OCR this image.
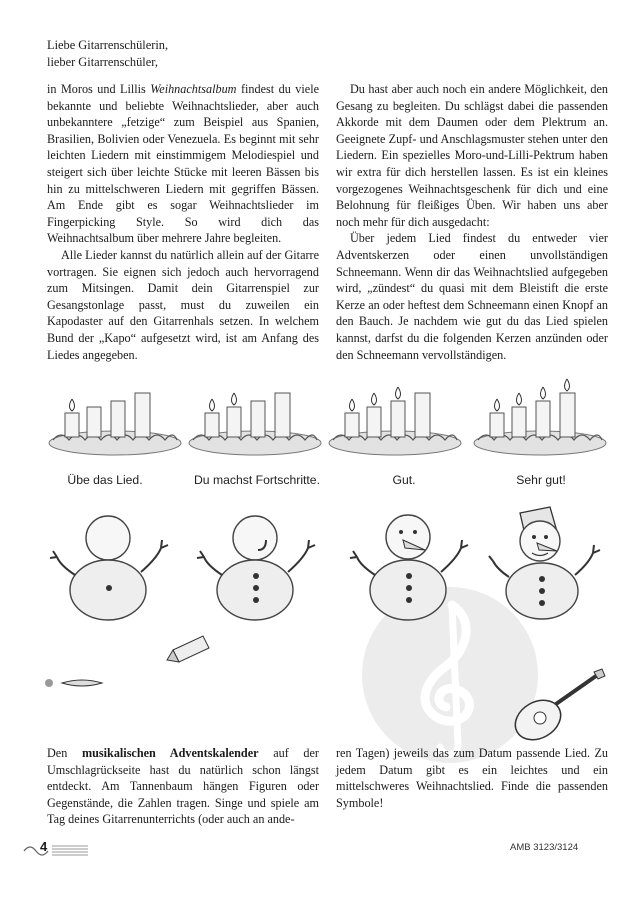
Liebe Gitarrenschülerin,
lieber Gitarrenschüler,

in Moros und Lillis Weihnachtsalbum findest du viele bekannte und beliebte Weihnachtslieder, aber auch unbekanntere „fetzige“ zum Beispiel aus Spanien, Brasilien, Bolivien oder Venezuela. Es beginnt mit sehr leichten Liedern mit einstimmigem Melodiespiel und steigert sich über leichte Stücke mit leeren Bässen bis hin zu mittelschweren Liedern mit gegriffen Bässen. Am Ende gibt es sogar Weihnachtslieder im Fingerpicking Style. So wird dich das Weihnachtsalbum über mehrere Jahre begleiten.

Alle Lieder kannst du natürlich allein auf der Gitarre vortragen. Sie eignen sich jedoch auch hervorragend zum Mitsingen. Damit dein Gitarrenspiel zur Gesangstonlage passt, must du zuweilen ein Kapodaster auf den Gitarrenhals setzen. In welchem Bund der „Kapo“ aufgesetzt wird, ist am Anfang des Liedes angegeben.

Du hast aber auch noch ein andere Möglichkeit, den Gesang zu begleiten. Du schlägst dabei die passenden Akkorde mit dem Daumen oder dem Plektrum an. Geeignete Zupf- und Anschlagsmuster stehen unter den Liedern. Ein spezielles Moro-und-Lilli-Pektrum haben wir extra für dich herstellen lassen. Es ist ein kleines vorgezogenes Weihnachtsgeschenk für dich und eine Belohnung für fleißiges Üben. Wir haben uns aber noch mehr für dich ausgedacht:

Über jedem Lied findest du entweder vier Adventskerzen oder einen unvollständigen Schneemann. Wenn dir das Weihnachtslied aufgegeben wird, „zündest“ du quasi mit dem Bleistift die erste Kerze an oder heftest dem Schneemann einen Knopf an den Bauch. Je nachdem wie gut du das Lied spielen kannst, darfst du die folgenden Kerzen anzünden oder den Schneemann vervollständigen.

Übe das Lied.	Du machst Fortschritte.	Gut.	Sehr gut!

Den musikalischen Adventskalender auf der Umschlagrückseite hast du natürlich schon längst entdeckt. Am Tannenbaum hängen Figuren oder Gegenstände, die Zahlen tragen. Singe und spiele am Tag deines Gitarrenunterrichts (oder auch an ande-

ren Tagen) jeweils das zum Datum passende Lied. Zu jedem Datum gibt es ein leichtes und ein mittelschweres Weihnachtslied. Finde die passenden Symbole!

4	AMB 3123/3124
